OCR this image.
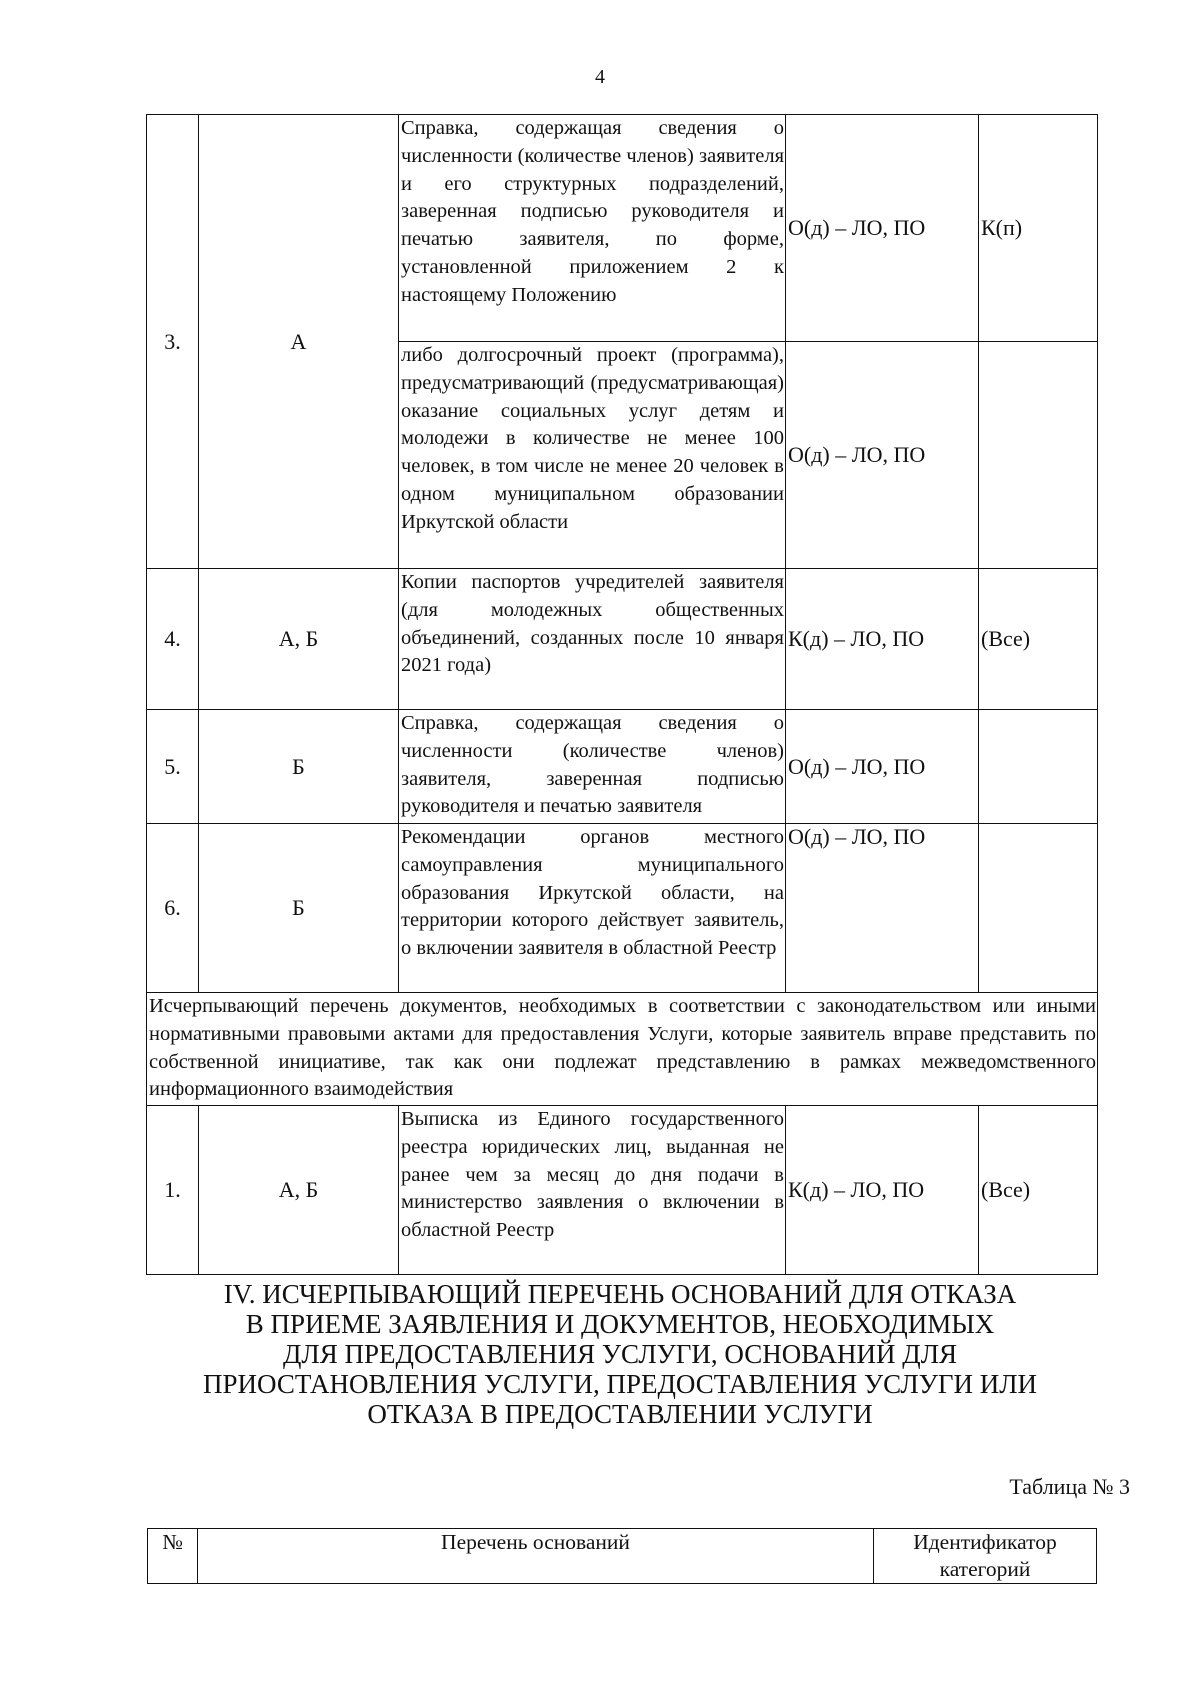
4
3.	А	Справка, содержащая сведения о численности (количестве членов) заявителя и его структурных подразделений, заверенная подписью руководителя и печатью заявителя, по форме, установленной приложением 2 к настоящему Положению	О(д) – ЛО, ПО	К(п)
		либо долгосрочный проект (программа), предусматривающий (предусматривающая) оказание социальных услуг детям и молодежи в количестве не менее 100 человек, в том числе не менее 20 человек в одном муниципальном образовании Иркутской области	О(д) – ЛО, ПО	
4.	А, Б	Копии паспортов учредителей заявителя (для молодежных общественных объединений, созданных после 10 января 2021 года)	К(д) – ЛО, ПО	(Все)
5.	Б	Справка, содержащая сведения о численности (количестве членов) заявителя, заверенная подписью руководителя и печатью заявителя	О(д) – ЛО, ПО	
6.	Б	Рекомендации органов местного самоуправления муниципального образования Иркутской области, на территории которого действует заявитель, о включении заявителя в областной Реестр	О(д) – ЛО, ПО	
Исчерпывающий перечень документов, необходимых в соответствии с законодательством или иными нормативными правовыми актами для предоставления Услуги, которые заявитель вправе представить по собственной инициативе, так как они подлежат представлению в рамках межведомственного информационного взаимодействия				
1.	А, Б	Выписка из Единого государственного реестра юридических лиц, выданная не ранее чем за месяц до дня подачи в министерство заявления о включении в областной Реестр	К(д) – ЛО, ПО	(Все)
IV. ИСЧЕРПЫВАЮЩИЙ ПЕРЕЧЕНЬ ОСНОВАНИЙ ДЛЯ ОТКАЗА
В ПРИЕМЕ ЗАЯВЛЕНИЯ И ДОКУМЕНТОВ, НЕОБХОДИМЫХ
ДЛЯ ПРЕДОСТАВЛЕНИЯ УСЛУГИ, ОСНОВАНИЙ ДЛЯ
ПРИОСТАНОВЛЕНИЯ УСЛУГИ, ПРЕДОСТАВЛЕНИЯ УСЛУГИ ИЛИ
ОТКАЗА В ПРЕДОСТАВЛЕНИИ УСЛУГИ
Таблица № 3
№	Перечень оснований	Идентификатор категорий
